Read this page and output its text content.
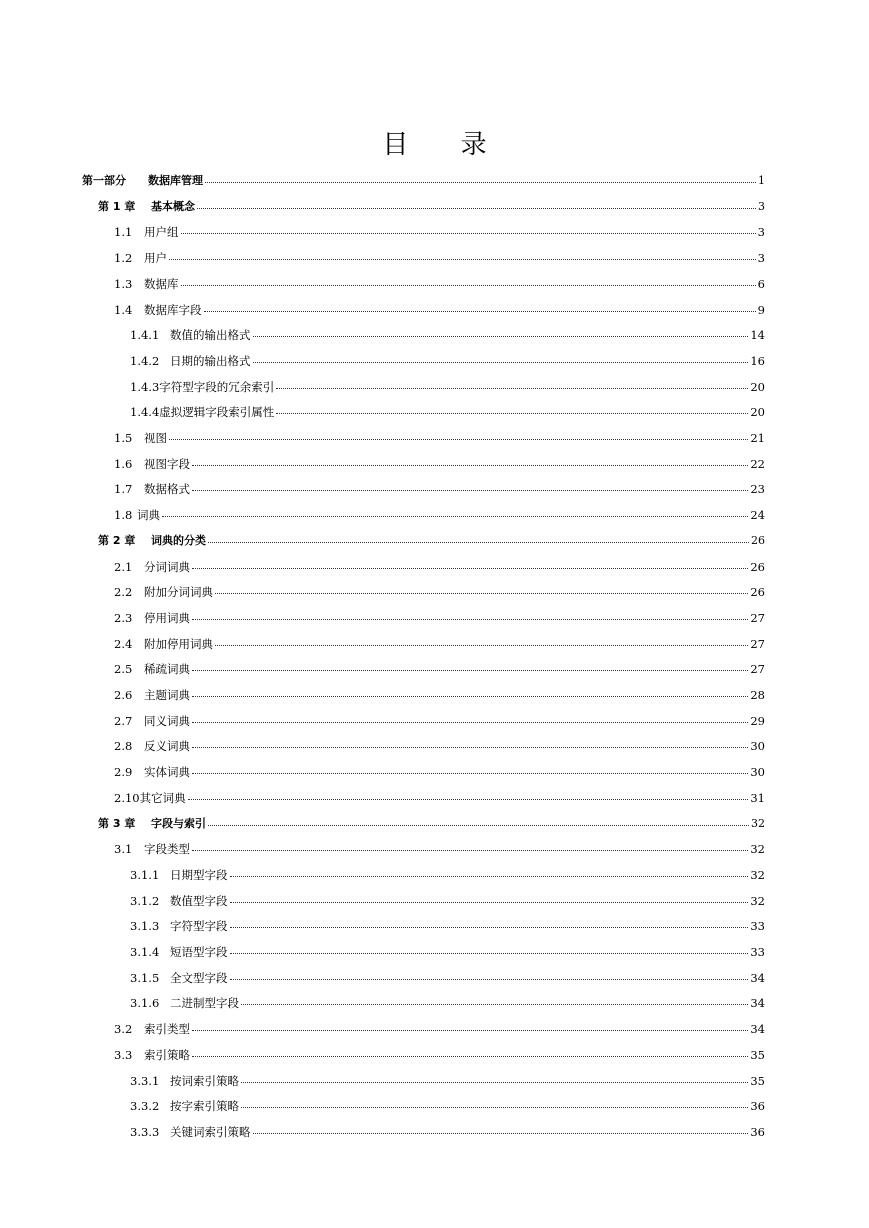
目 录
第一部分	数据库管理	1
第 1 章	基本概念	3
1.1	用户组	3
1.2	用户	3
1.3	数据库	6
1.4	数据库字段	9
1.4.1 数值的输出格式	14
1.4.2 日期的输出格式	16
1.4.3 字符型字段的冗余索引	20
1.4.4 虚拟逻辑字段索引属性	20
1.5	视图	21
1.6	视图字段	22
1.7	数据格式	23
1.8 词典	24
第 2 章	词典的分类	26
2.1	分词词典	26
2.2	附加分词词典	26
2.3	停用词典	27
2.4	附加停用词典	27
2.5	稀疏词典	27
2.6	主题词典	28
2.7	同义词典	29
2.8	反义词典	30
2.9	实体词典	30
2.10 其它词典	31
第 3 章	字段与索引	32
3.1	字段类型	32
3.1.1 日期型字段	32
3.1.2 数值型字段	32
3.1.3 字符型字段	33
3.1.4 短语型字段	33
3.1.5 全文型字段	34
3.1.6 二进制型字段	34
3.2	索引类型	34
3.3	索引策略	35
3.3.1 按词索引策略	35
3.3.2 按字索引策略	36
3.3.3 关键词索引策略	36
